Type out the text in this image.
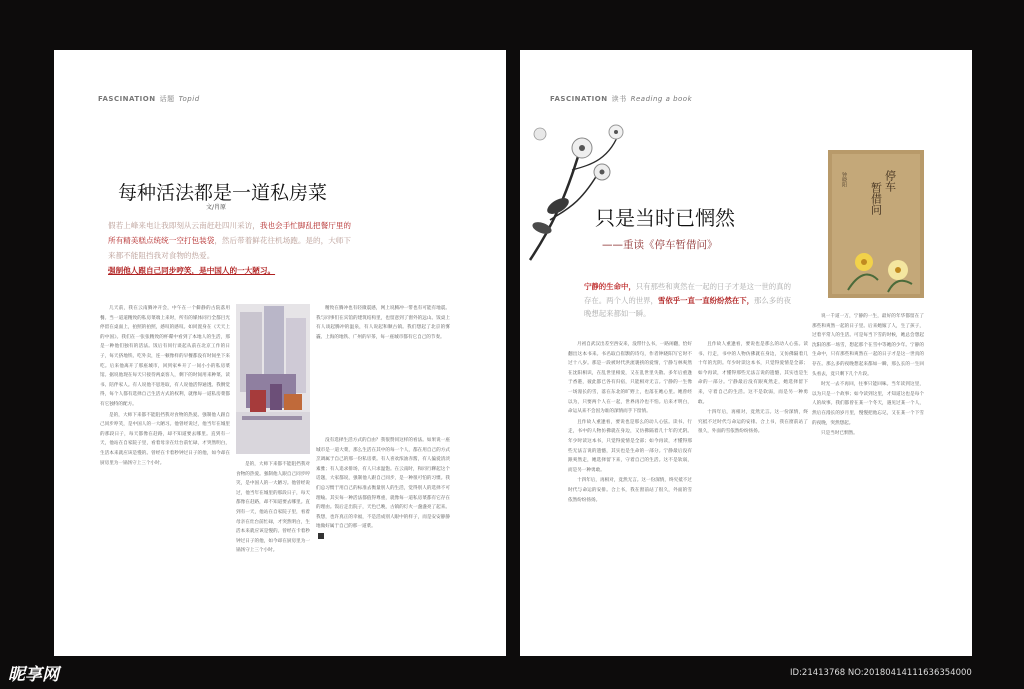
FASCINATION 话题 Topid
每种活法都是一道私房菜
文/肖原
假若上峰来电让我即刻从云南赶赴四川采访，我也会手忙脚乱把餐厅里的所有精美糕点统统一空打包装袋，然后带着鲜花往机场跑。是的，大师下来都不能阻挡我对食物的热爱。
强制他人跟自己同步哼笑，是中国人的一大陋习。

几天前，我在云南腾冲开会，中午在一个僻静的古院落用餐。当一道道精致的私房菜端上来时，所有的媒体同行全都目光停留在桌面上，拍照的拍照，感叹的感叹。如同置身在《天天上的中国》。我们在一张张精致的杯碟中看到了本地人的生活，那是一种他们独有的活法。饭后有同行谈起从前在北京工作的日子，每天挤地铁、吃外卖，连一顿像样的早餐都没有时间坐下来吃。后来他离开了那座城市，回到家乡开了一间小小的私房菜馆。据说他现在每天只接待两桌客人，剩下的时间用来种菜、读书、陪伴家人。有人说他不思进取，有人说他活得通透。我倒觉得，每个人都有选择自己生活方式的权利，就像每一道私房菜都有它独特的配方。

是的，大师下来都不能阻挡我对食物的热爱。强制他人跟自己同步哼笑，是中国人的一大陋习。他曾经说过，他当年在城里的那段日子，每天都像在赶路，却不知道要去哪里。直到有一天，他站在自家院子里，看着母亲在灶台前忙碌，才突然明白，生活本来就应该是慢的。曾经在卡着秒钟过日子的他，如今却在厨房里为一锅汤守上三个小时。	是的，大师下来都不能阻挡我对食物的热爱。强制他人跟自己同步哼笑，是中国人的一大陋习。他曾经说过，他当年在城里的那段日子，每天都像在赶路，却不知道要去哪里。直到有一天，他站在自家院子里，看着母亲在灶台前忙碌，才突然明白，生活本来就应该是慢的。曾经在卡着秒钟过日子的他，如今却在厨房里为一锅汤守上三个小时。

精致在腾冲也有轻微震感，网上说腾冲一带也有可能有地震。我与同事们在宾馆的建筑结构里，也留意到了窗外的远山。饭桌上有人谈起腾冲的温泉，有人说起和顺古镇。我们想起了北京的雾霾、上海的地铁、广州的早茶，每一座城市都有它自己的节奏。

没有选择生活方式的自由？我很赞同这样的看法。如果说一座城市是一道大菜，那么生活在其中的每一个人，都在用自己的方式烹调属于自己的那一份私房菜。有人喜欢浓油赤酱，有人偏爱清淡素雅；有人追求排场，有人只求温饱。在云南时，和同行聊起这个话题，大家都说，强制他人跟自己同步，是一种很可怕的习惯。我们总习惯于用自己的标准去衡量别人的生活，觉得别人的选择不可理喻。其实每一种活法都值得尊重，就像每一道私房菜都有它存在的理由。饭后走出院子，天色已晚，古镇的灯火一盏盏亮了起来。我想，也许真正的幸福，不是活成别人眼中的样子，而是安安静静地做好属于自己的那一道菜。

FASCINATION 读书 Reading a book
只是当时已惘然
——重读《停车暂借问》
停车
暂借问
钟晓阳
宁静的生命中，只有那些和爽然在一起的日子才是这一世的真的存在。两个人的世界，雪依乎一直一直纷纷然在下，那么多的夜晚想起来都如一瞬。

月初自武汉出差至西安来，没带什么书，一路闲翻，恰好翻出这本书来。书名取自崔颢的诗句，作者钟晓阳写它时不过十八岁。那是一段被时代洪流裹挟的爱情，宁静与林爽然在沈阳相识，在乱世里相爱，又在乱世里失散。多年后重逢于香港，彼此都已各有归宿，只能相对无言。宁静的一生像一场漫长的雪，落在东北的旷野上，也落在她心里。她曾经以为，只要两个人在一起，世界再冷也不怕。后来才明白，命运从来不会因为谁的深情而手下留情。

且作故人重逢看，要说也是那么的动人心弦。读书、行走，书中的人物仿佛就在身边，又仿佛隔着几十年的光阴。年少时读这本书，只觉得爱情是全部；如今再读，才懂得那些无法言说的遗憾，其实也是生命的一部分。宁静最后没有跟爽然走，她选择留下来，守着自己的生活。这不是软弱，而是另一种勇敢。

十四年后，再相对，竟然无言。这一份深情，终究抵不过时代与命运的安排。合上书，我在窗前站了很久，外面的雪依然纷纷扬扬。

且作故人重逢看，要说也是那么的动人心弦。读书、行走，书中的人物仿佛就在身边，又仿佛隔着几十年的光阴。年少时读这本书，只觉得爱情是全部；如今再读，才懂得那些无法言说的遗憾，其实也是生命的一部分。宁静最后没有跟爽然走，她选择留下来，守着自己的生活。这不是软弱，而是另一种勇敢。

十四年后，再相对，竟然无言。这一份深情，终究抵不过时代与命运的安排。合上书，我在窗前站了很久，外面的雪依然纷纷扬扬。

说一千道一万，宁静的一生，最好的年华都留在了那些和爽然一起的日子里。后来她嫁了人，生了孩子，过着平常人的生活。可是每当下雪的时候，她总会想起沈阳的那一场雪，想起那个在雪中等她的少年。宁静的生命中，只有那些和爽然在一起的日子才是这一世真的存在。那么多的夜晚想起来都如一瞬，那么长的一生回头看去，竟只剩下几个片段。

时光一去不再回，往事只能回味。当年读到这里，以为只是一个故事；如今读到这里，才知道这也是每个人的故事。我们都曾在某一个冬天，遇见过某一个人，然后在漫长的岁月里，慢慢把他忘记，又在某一个下雪的夜晚，突然想起。

只是当时已惘然。

昵享网	ID:21413768 NO:20180414111636354000
